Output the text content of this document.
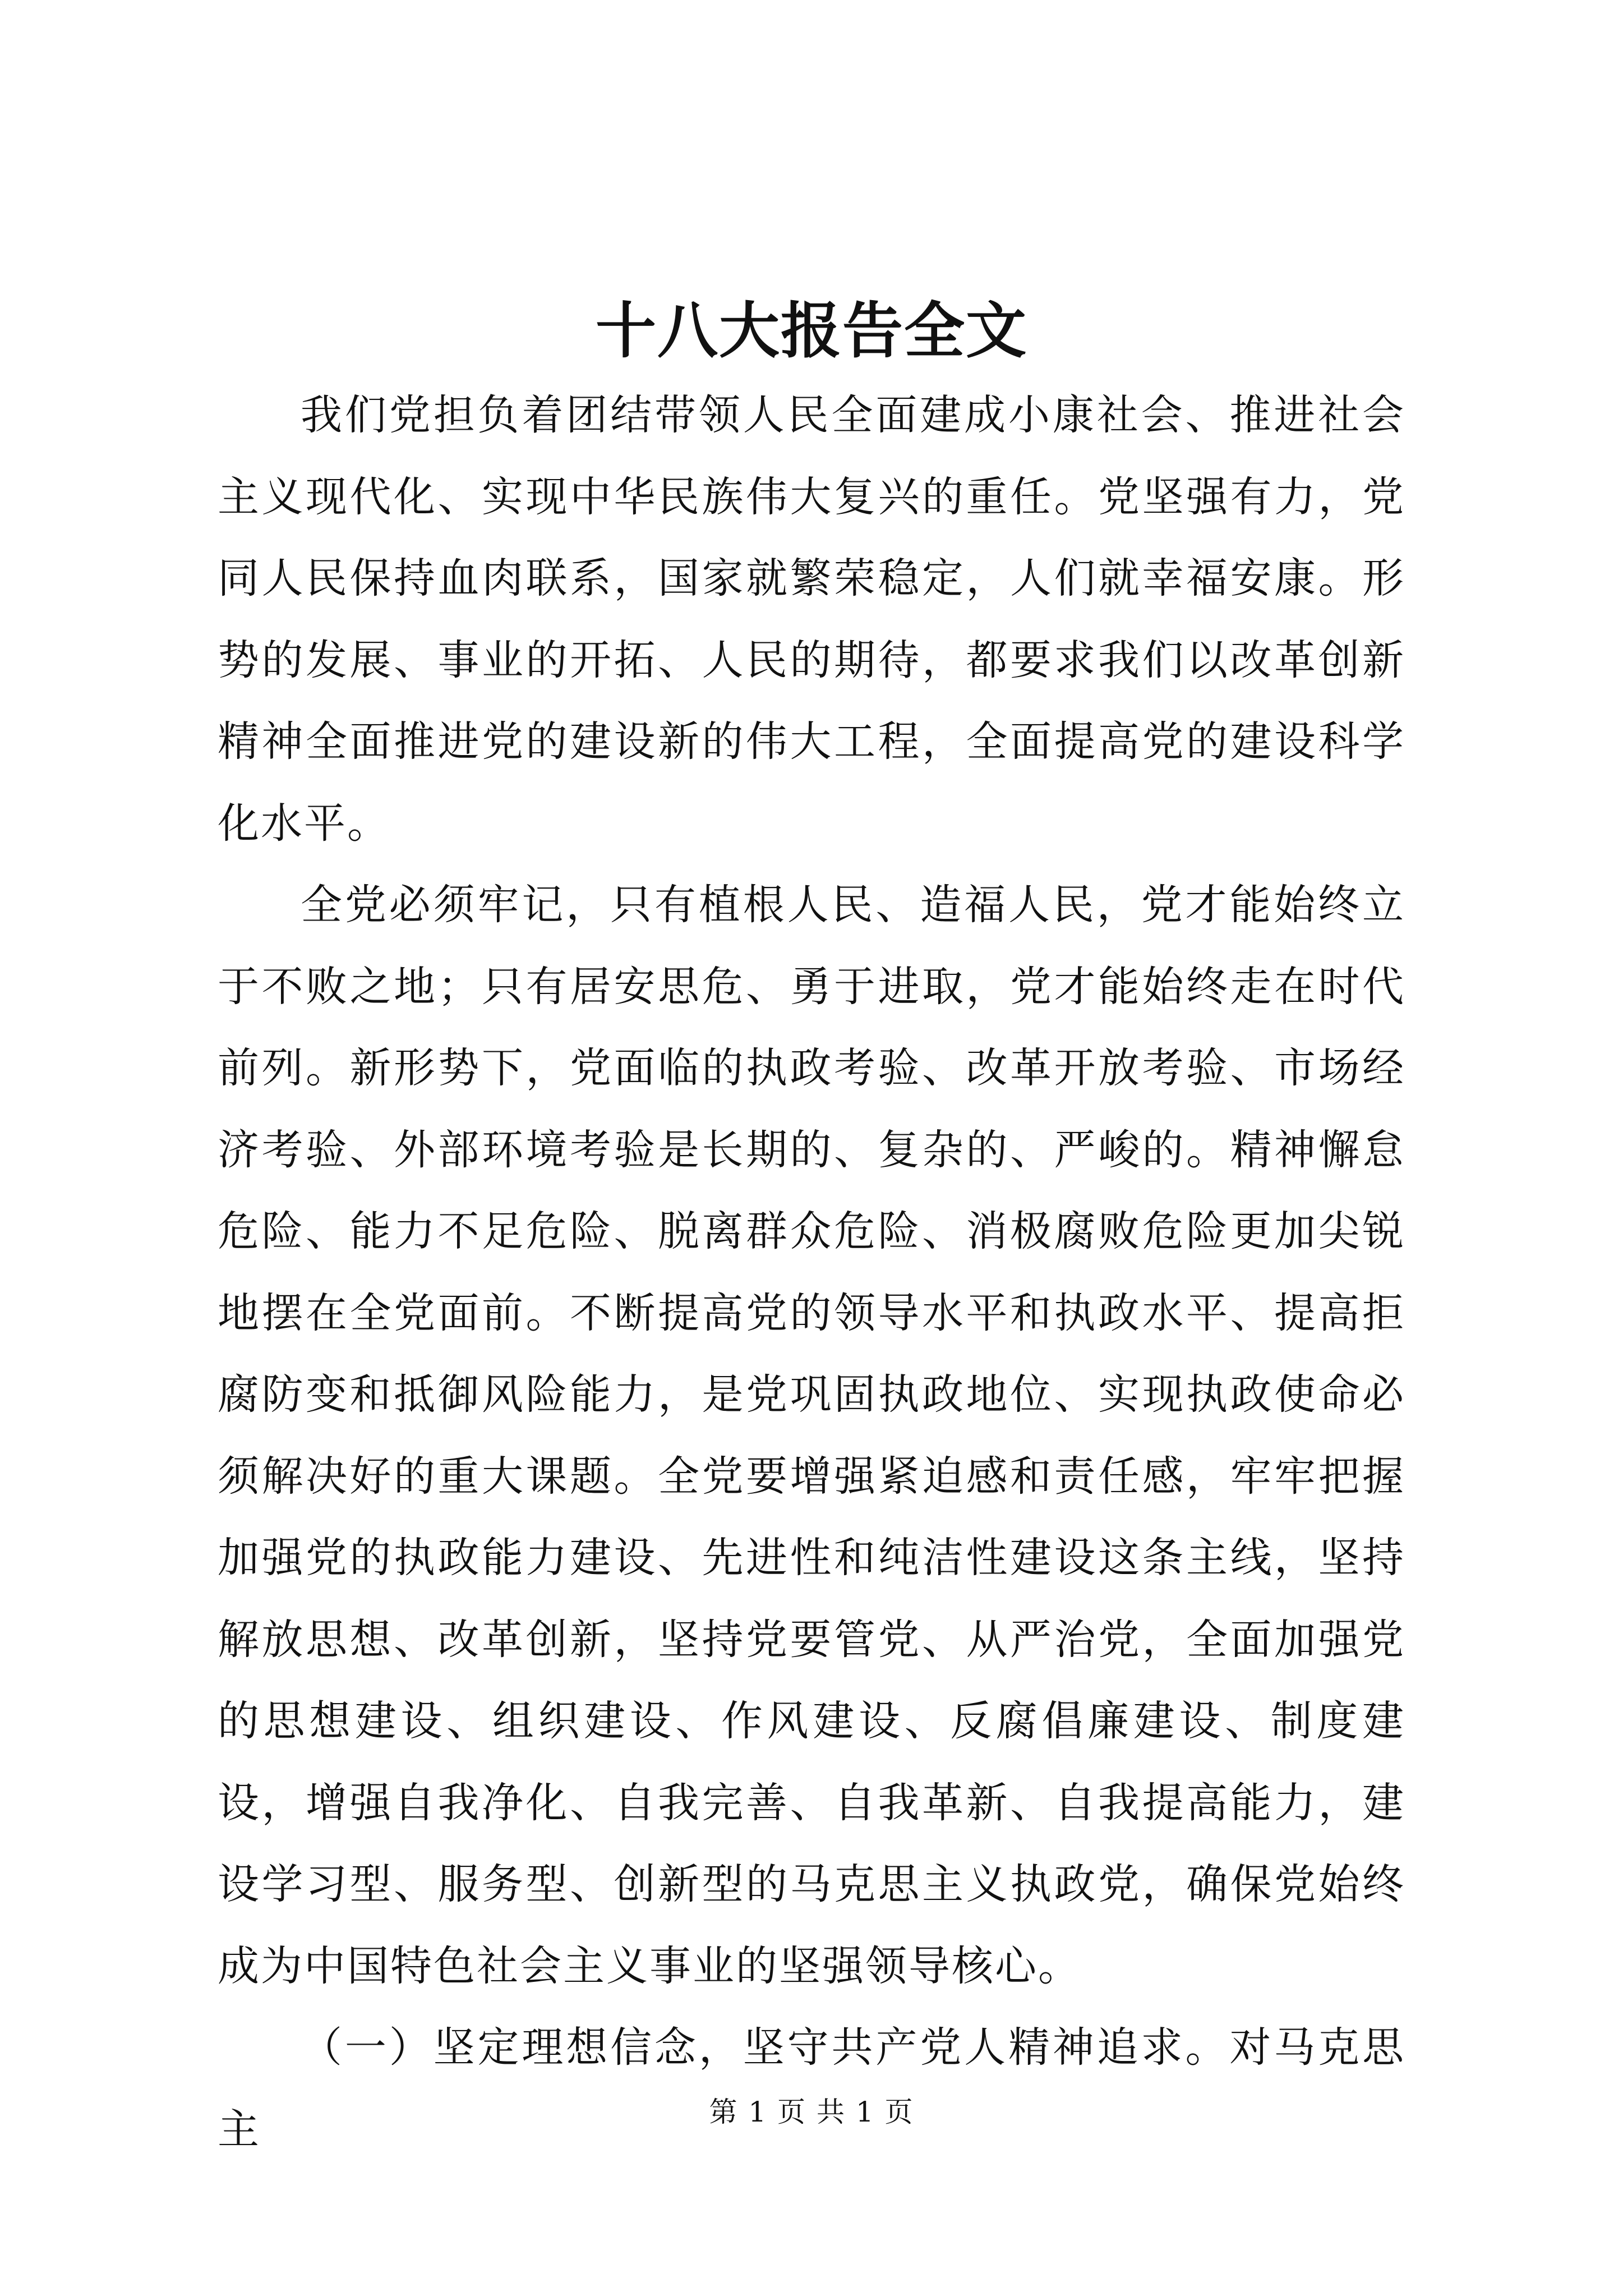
十八大报告全文

我们党担负着团结带领人民全面建成小康社会、推进社会主义现代化、实现中华民族伟大复兴的重任。党坚强有力，党同人民保持血肉联系，国家就繁荣稳定，人们就幸福安康。形势的发展、事业的开拓、人民的期待，都要求我们以改革创新精神全面推进党的建设新的伟大工程，全面提高党的建设科学化水平。

全党必须牢记，只有植根人民、造福人民，党才能始终立于不败之地；只有居安思危、勇于进取，党才能始终走在时代前列。新形势下，党面临的执政考验、改革开放考验、市场经济考验、外部环境考验是长期的、复杂的、严峻的。精神懈怠危险、能力不足危险、脱离群众危险、消极腐败危险更加尖锐地摆在全党面前。不断提高党的领导水平和执政水平、提高拒腐防变和抵御风险能力，是党巩固执政地位、实现执政使命必须解决好的重大课题。全党要增强紧迫感和责任感，牢牢把握加强党的执政能力建设、先进性和纯洁性建设这条主线，坚持解放思想、改革创新，坚持党要管党、从严治党，全面加强党的思想建设、组织建设、作风建设、反腐倡廉建设、制度建设，增强自我净化、自我完善、自我革新、自我提高能力，建设学习型、服务型、创新型的马克思主义执政党，确保党始终成为中国特色社会主义事业的坚强领导核心。

（一）坚定理想信念，坚守共产党人精神追求。对马克思主	第 1 页 共 1 页
